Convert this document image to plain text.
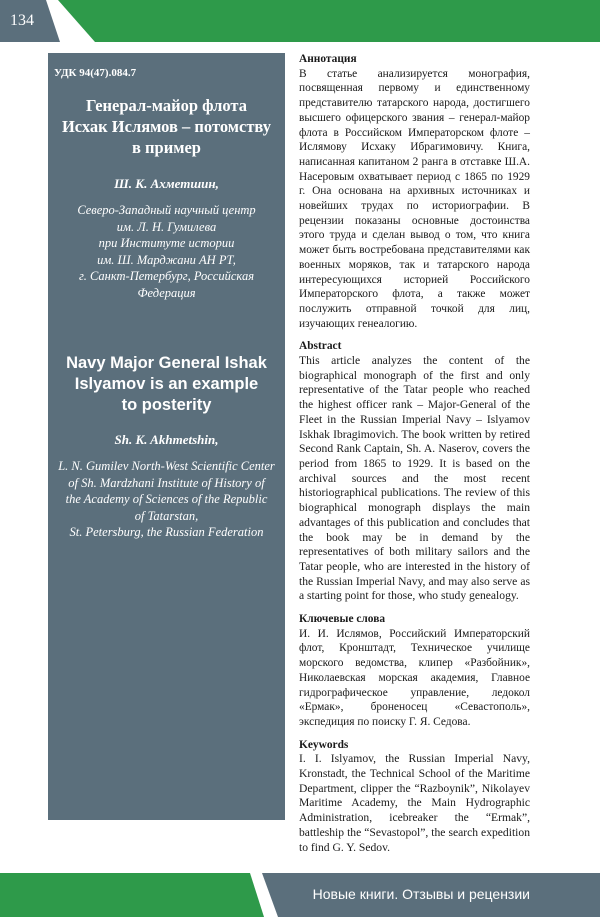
134
УДК 94(47).084.7
Генерал-майор флота
Исхак Ислямов – потомству
в пример
Ш. К. Ахметшин,
Северо-Западный научный центр
им. Л. Н. Гумилева
при Институте истории
им. Ш. Марджани АН РТ,
г. Санкт-Петербург, Российская
Федерация
Navy Major General Ishak
Islyamov is an example
to posterity
Sh. K. Akhmetshin,
L. N. Gumilev North-West Scientific Center
of Sh. Mardzhani Institute of History of
the Academy of Sciences of the Republic
of Tatarstan,
St. Petersburg, the Russian Federation

Аннотация

В статье анализируется монография, посвященная первому и единственному представителю татарского народа, достигшего высшего офицерского звания – генерал-майор флота в Российском Императорском флоте – Ислямову Исхаку Ибрагимовичу. Книга, написанная капитаном 2 ранга в отставке Ш.А. Насеровым охватывает период с 1865 по 1929 г. Она основана на архивных источниках и новейших трудах по историографии. В рецензии показаны основные достоинства этого труда и сделан вывод о том, что книга может быть востребована представителями как военных моряков, так и татарского народа интересующихся историей Российского Императорского флота, а также может послужить отправной точкой для лиц, изучающих генеалогию.

Abstract

This article analyzes the content of the biographical monograph of the first and only representative of the Tatar people who reached the highest officer rank – Major-General of the Fleet in the Russian Imperial Navy – Islyamov Iskhak Ibragimovich. The book written by retired Second Rank Captain, Sh. A. Naserov, covers the period from 1865 to 1929. It is based on the archival sources and the most recent historiographical publications. The review of this biographical monograph displays the main advantages of this publication and concludes that the book may be in demand by the representatives of both military sailors and the Tatar people, who are interested in the history of the Russian Imperial Navy, and may also serve as a starting point for those, who study genealogy.

Ключевые слова

И. И. Ислямов, Российский Императорский флот, Кронштадт, Техническое училище морского ведомства, клипер «Разбойник», Николаевская морская академия, Главное гидрографическое управление, ледокол «Ермак», броненосец «Севастополь», экспедиция по поиску Г. Я. Седова.

Keywords

I. I. Islyamov, the Russian Imperial Navy, Kronstadt, the Technical School of the Maritime Department, clipper the “Razboynik”, Nikolayev Maritime Academy, the Main Hydrographic Administration, icebreaker the “Ermak”, battleship the “Sevastopol”, the search expedition to find G. Y. Sedov.

Новые книги. Отзывы и рецензии
